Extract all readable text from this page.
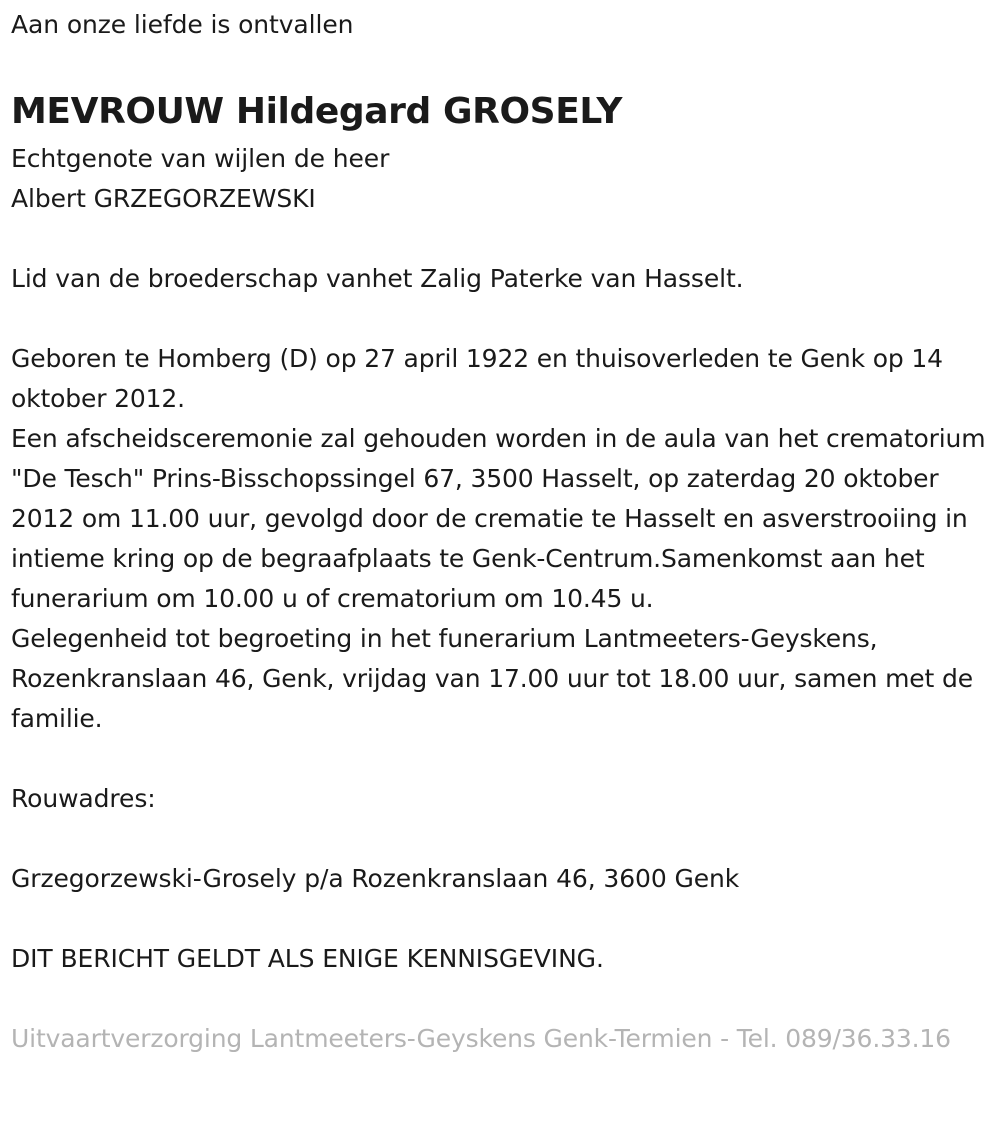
Aan onze liefde is ontvallen

MEVROUW Hildegard GROSELY

Echtgenote van wijlen de heer

Albert GRZEGORZEWSKI

Lid van de broederschap vanhet Zalig Paterke van Hasselt.

Geboren te Homberg (D) op 27 april 1922 en thuisoverleden te Genk op 14 oktober 2012.

Een afscheidsceremonie zal gehouden worden in de aula van het crematorium "De Tesch" Prins-Bisschopssingel 67, 3500 Hasselt, op zaterdag 20 oktober 2012 om 11.00 uur, gevolgd door de crematie te Hasselt en asverstrooiing in intieme kring op de begraafplaats te Genk-Centrum.Samenkomst aan het funerarium om 10.00 u of crematorium om 10.45 u.

Gelegenheid tot begroeting in het funerarium Lantmeeters-Geyskens, Rozenkranslaan 46, Genk, vrijdag van 17.00 uur tot 18.00 uur, samen met de familie.

Rouwadres:

Grzegorzewski-Grosely p/a Rozenkranslaan 46, 3600 Genk

DIT BERICHT GELDT ALS ENIGE KENNISGEVING.

Uitvaartverzorging Lantmeeters-Geyskens Genk-Termien - Tel. 089/36.33.16
